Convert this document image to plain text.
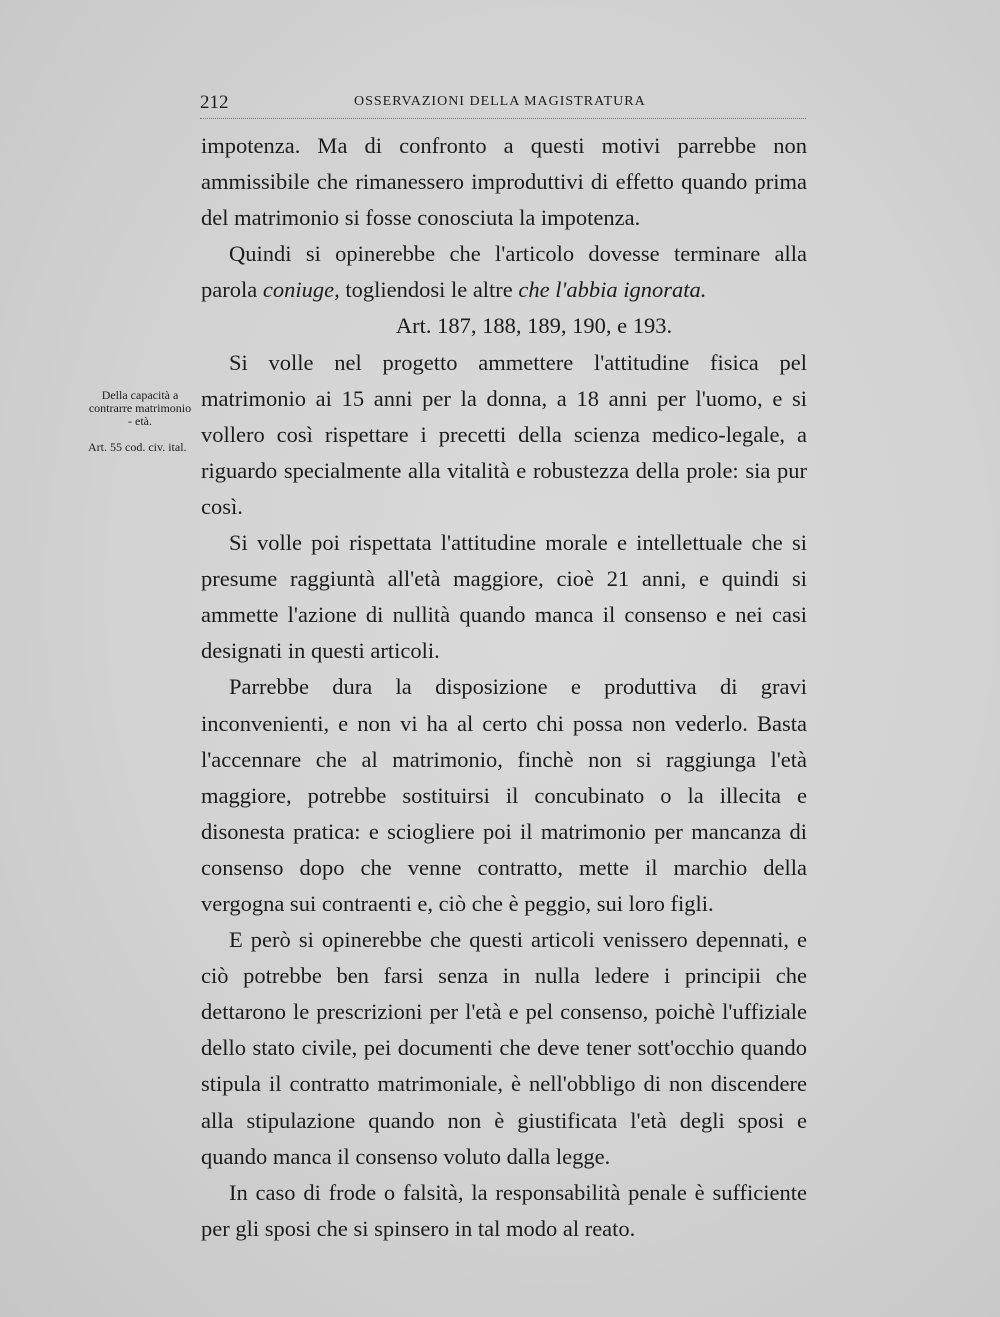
212	OSSERVAZIONI DELLA MAGISTRATURA
Della capacità a contrarre matrimonio - età.
Art. 55 cod. civ. ital.

impotenza. Ma di confronto a questi motivi parrebbe non ammissibile che rimanessero improduttivi di effetto quando prima del matrimonio si fosse conosciuta la impotenza.

Quindi si opinerebbe che l'articolo dovesse terminare alla parola coniuge, togliendosi le altre che l'abbia ignorata.

Art. 187, 188, 189, 190, e 193.

Si volle nel progetto ammettere l'attitudine fisica pel matrimonio ai 15 anni per la donna, a 18 anni per l'uomo, e si vollero così rispettare i precetti della scienza medico-legale, a riguardo specialmente alla vitalità e robustezza della prole: sia pur così.

Si volle poi rispettata l'attitudine morale e intellettuale che si presume raggiuntà all'età maggiore, cioè 21 anni, e quindi si ammette l'azione di nullità quando manca il consenso e nei casi designati in questi articoli.

Parrebbe dura la disposizione e produttiva di gravi inconvenienti, e non vi ha al certo chi possa non vederlo. Basta l'accennare che al matrimonio, finchè non si raggiunga l'età maggiore, potrebbe sostituirsi il concubinato o la illecita e disonesta pratica: e sciogliere poi il matrimonio per mancanza di consenso dopo che venne contratto, mette il marchio della vergogna sui contraenti e, ciò che è peggio, sui loro figli.

E però si opinerebbe che questi articoli venissero depennati, e ciò potrebbe ben farsi senza in nulla ledere i principii che dettarono le prescrizioni per l'età e pel consenso, poichè l'uffiziale dello stato civile, pei documenti che deve tener sott'occhio quando stipula il contratto matrimoniale, è nell'obbligo di non discendere alla stipulazione quando non è giustificata l'età degli sposi e quando manca il consenso voluto dalla legge.

In caso di frode o falsità, la responsabilità penale è sufficiente per gli sposi che si spinsero in tal modo al reato.
